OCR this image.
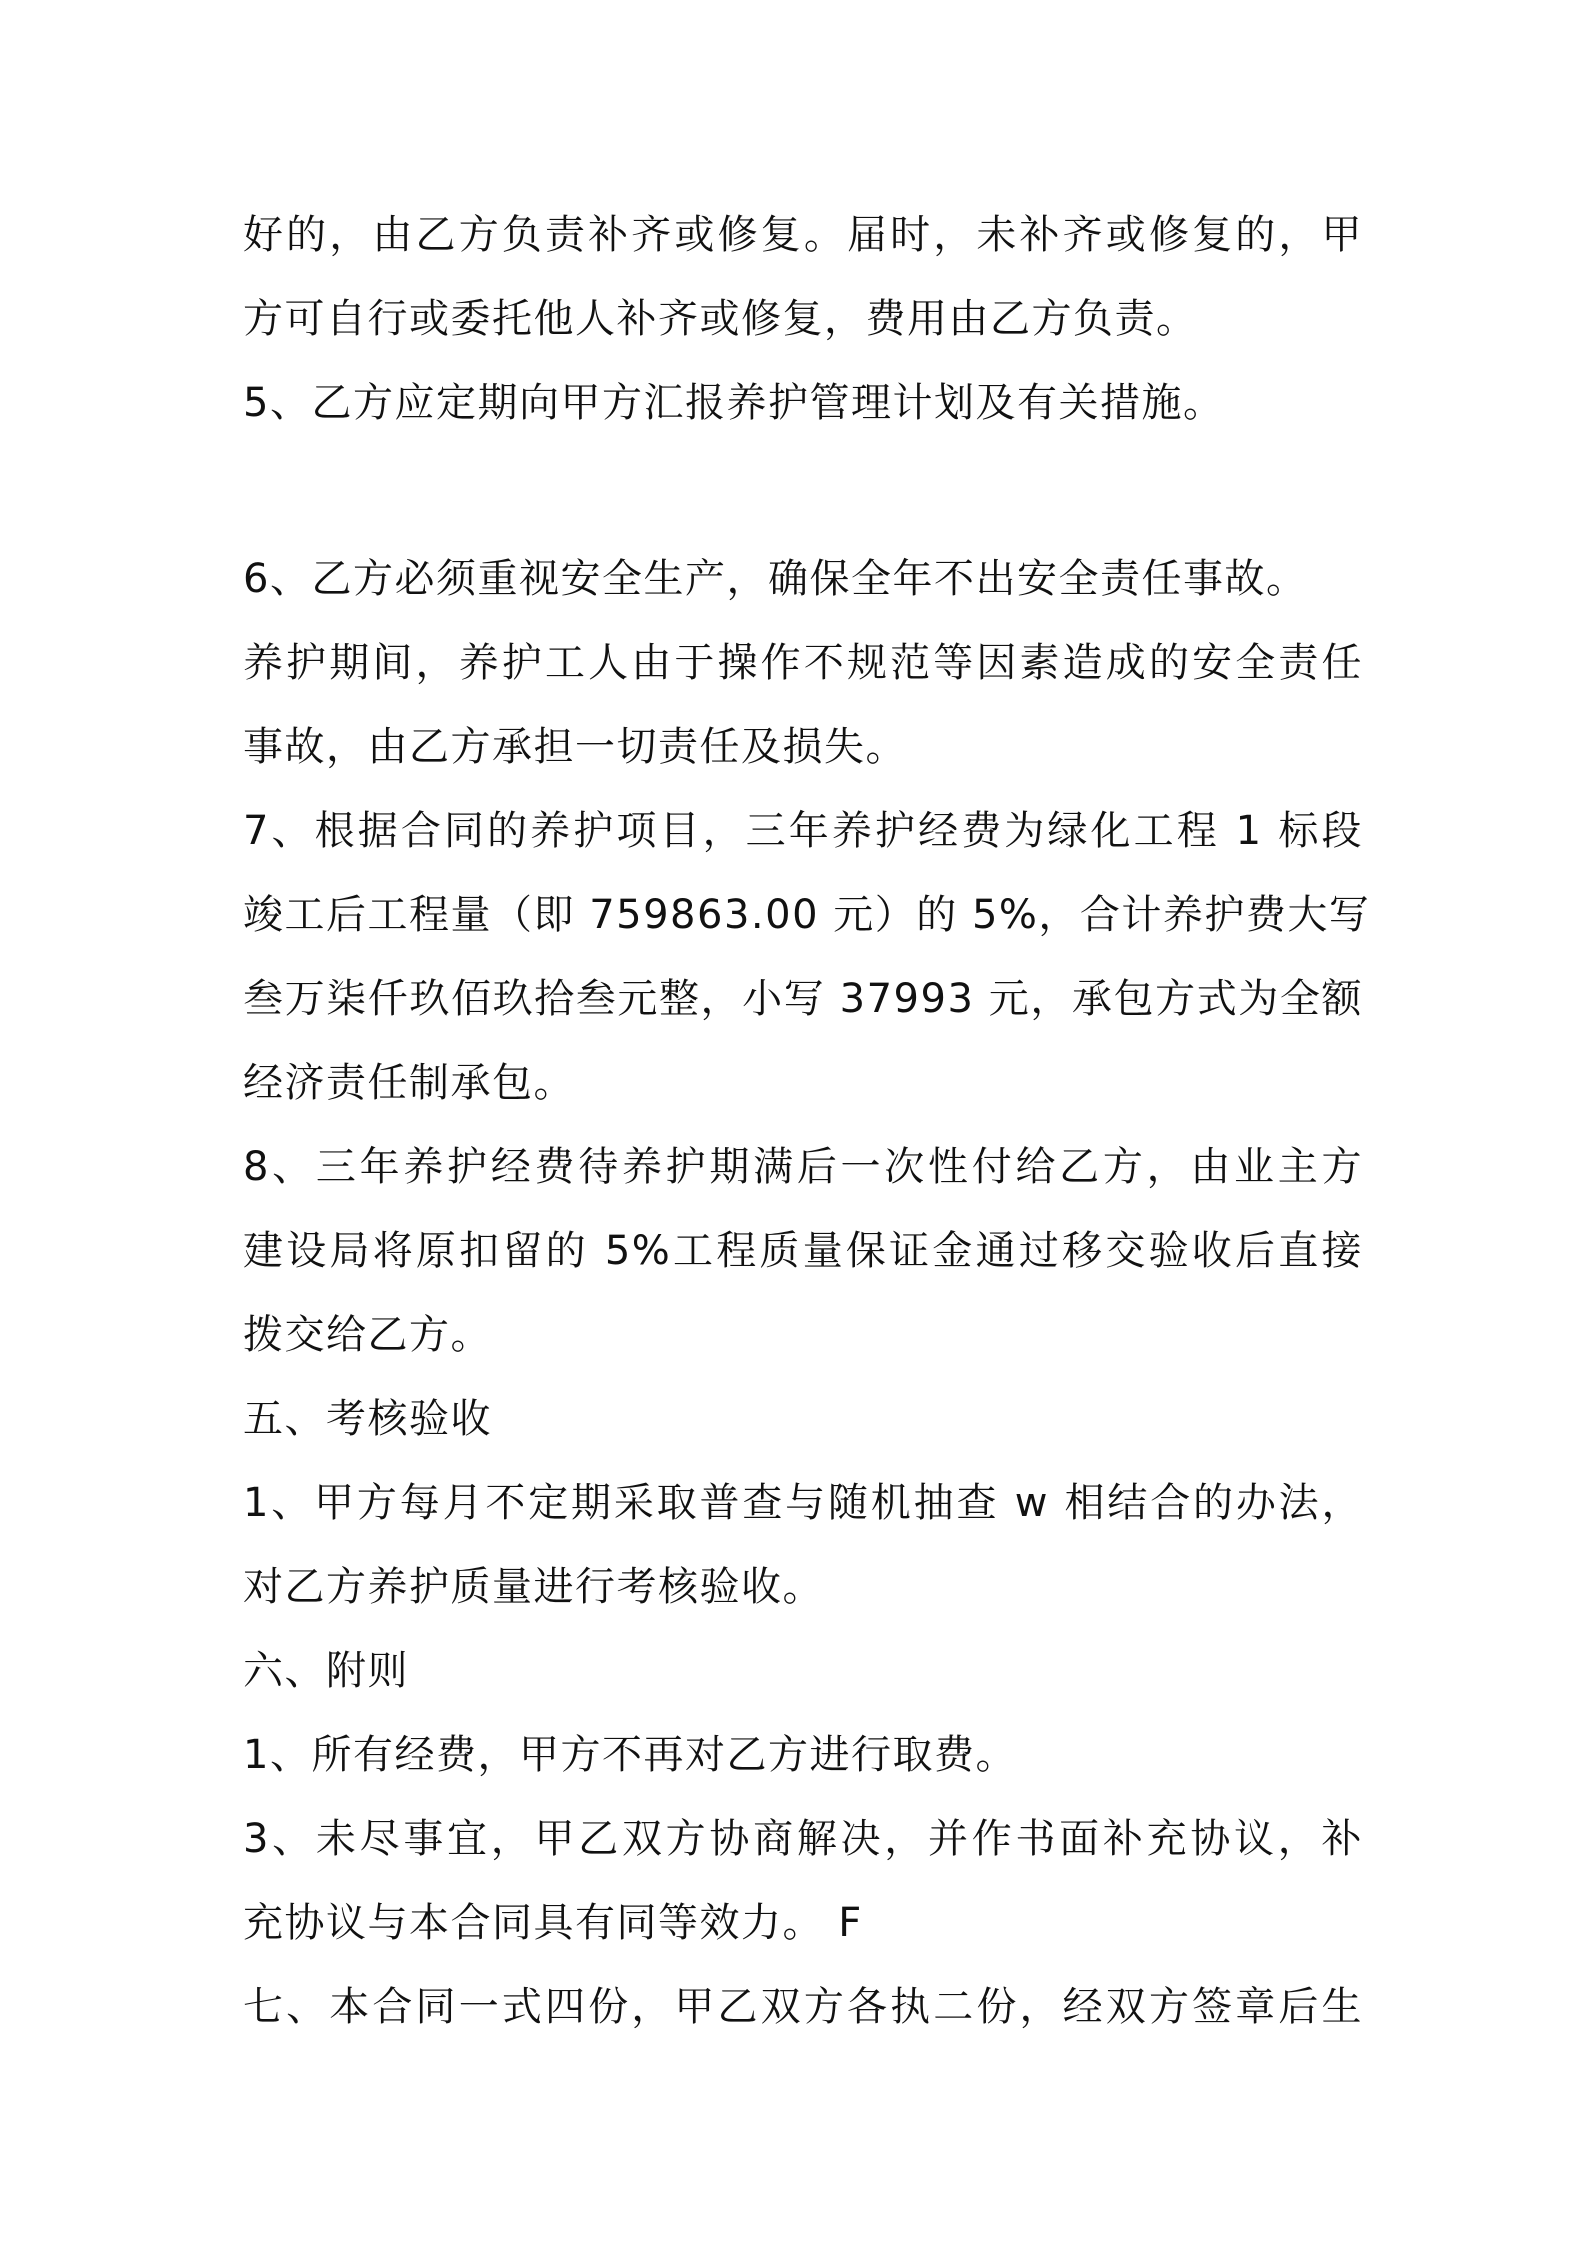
好的，由乙方负责补齐或修复。届时，未补齐或修复的，甲
方可自行或委托他人补齐或修复，费用由乙方负责。
5、乙方应定期向甲方汇报养护管理计划及有关措施。
6、乙方必须重视安全生产，确保全年不出安全责任事故。
养护期间，养护工人由于操作不规范等因素造成的安全责任
事故，由乙方承担一切责任及损失。
7、根据合同的养护项目，三年养护经费为绿化工程 1 标段
竣工后工程量（即 759863.00 元）的 5%，合计养护费大写
叁万柒仟玖佰玖拾叁元整，小写 37993 元，承包方式为全额
经济责任制承包。
8、三年养护经费待养护期满后一次性付给乙方，由业主方
建设局将原扣留的 5%工程质量保证金通过移交验收后直接
拨交给乙方。
五、考核验收
1、甲方每月不定期采取普查与随机抽查 w 相结合的办法，
对乙方养护质量进行考核验收。
六、附则
1、所有经费，甲方不再对乙方进行取费。
3、未尽事宜，甲乙双方协商解决，并作书面补充协议，补
充协议与本合同具有同等效力。 F
七、本合同一式四份，甲乙双方各执二份，经双方签章后生
